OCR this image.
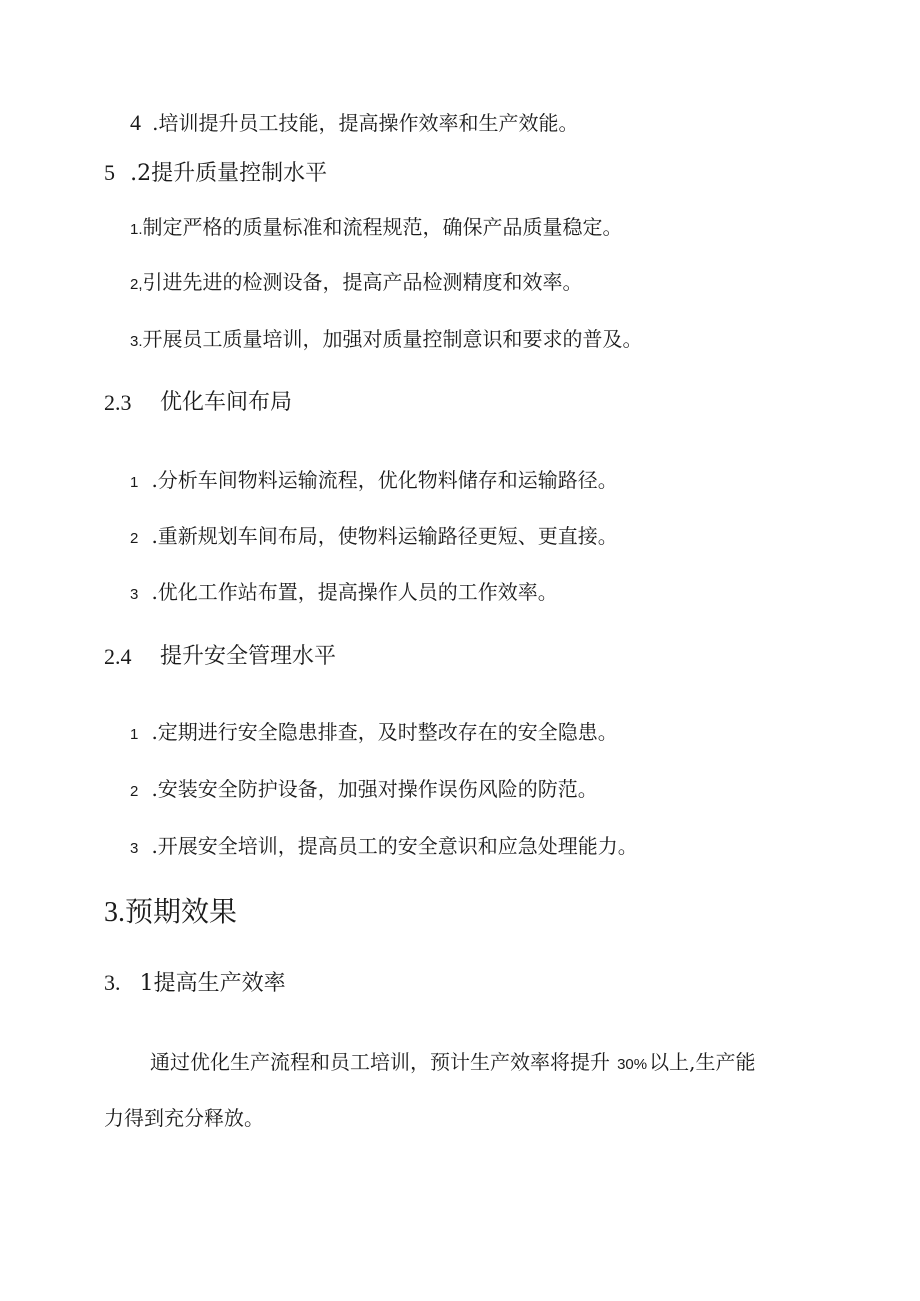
4 .培训提升员工技能，提高操作效率和生产效能。
5 .2提升质量控制水平
1.制定严格的质量标准和流程规范，确保产品质量稳定。
2,引进先进的检测设备，提高产品检测精度和效率。
3.开展员工质量培训，加强对质量控制意识和要求的普及。
2.3 优化车间布局
1 .分析车间物料运输流程，优化物料储存和运输路径。
2 .重新规划车间布局，使物料运输路径更短、更直接。
3 .优化工作站布置，提高操作人员的工作效率。
2.4 提升安全管理水平
1 .定期进行安全隐患排查，及时整改存在的安全隐患。
2 .安装安全防护设备，加强对操作误伤风险的防范。
3 .开展安全培训，提高员工的安全意识和应急处理能力。
3.预期效果
3. 1提高生产效率
通过优化生产流程和员工培训，预计生产效率将提升 30% 以上,生产能
力得到充分释放。
